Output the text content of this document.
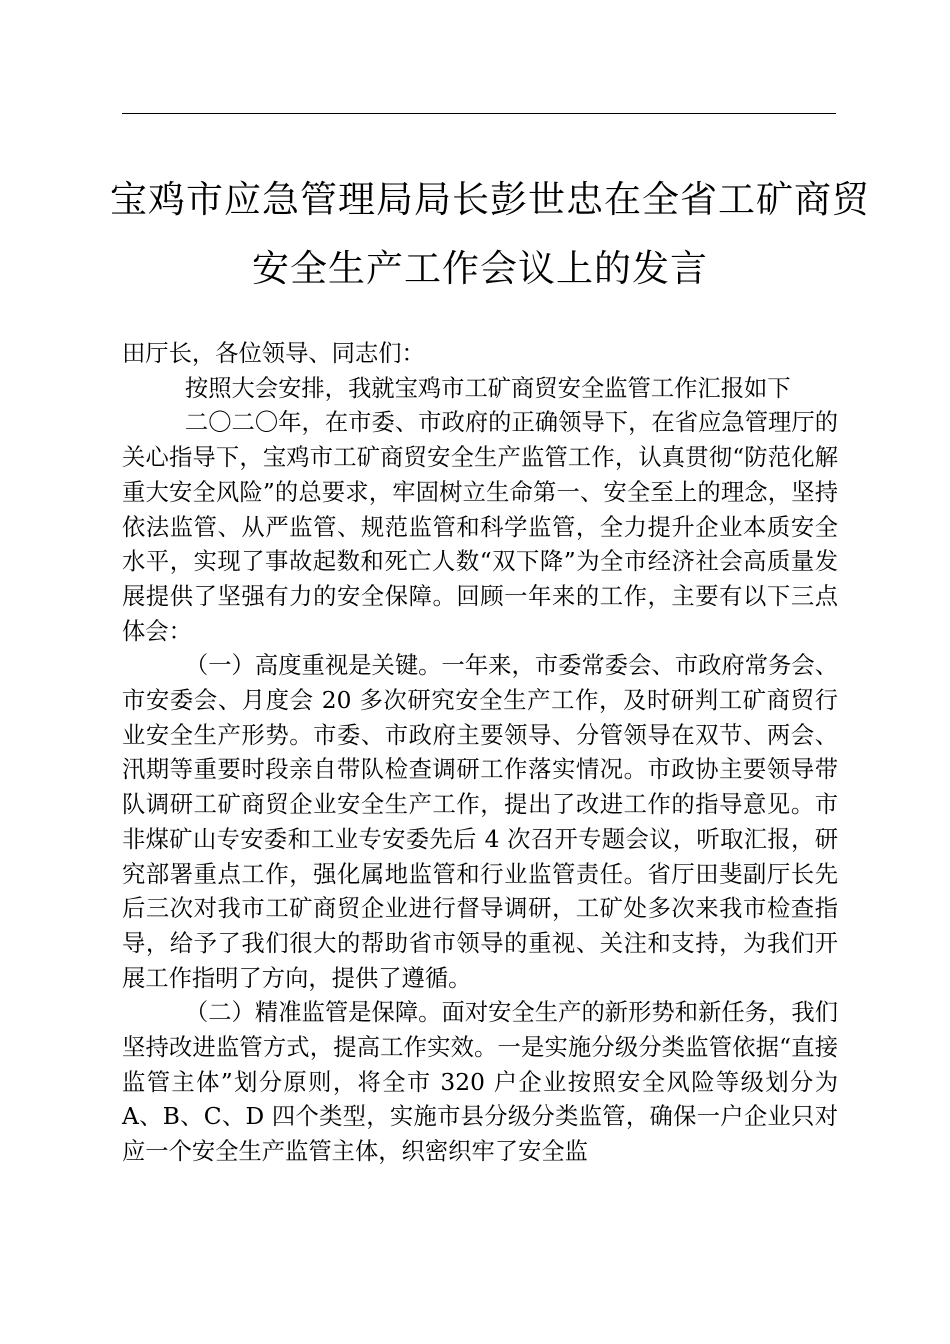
宝鸡市应急管理局局长彭世忠在全省工矿商贸
安全生产工作会议上的发言

田厅长，各位领导、同志们：

按照大会安排，我就宝鸡市工矿商贸安全监管工作汇报如下

二〇二〇年，在市委、市政府的正确领导下，在省应急管理厅的关心指导下，宝鸡市工矿商贸安全生产监管工作，认真贯彻“防范化解重大安全风险”的总要求，牢固树立生命第一、安全至上的理念，坚持依法监管、从严监管、规范监管和科学监管，全力提升企业本质安全水平，实现了事故起数和死亡人数“双下降”为全市经济社会高质量发展提供了坚强有力的安全保障。回顾一年来的工作，主要有以下三点体会：

（一）高度重视是关键。一年来，市委常委会、市政府常务会、市安委会、月度会 20 多次研究安全生产工作，及时研判工矿商贸行业安全生产形势。市委、市政府主要领导、分管领导在双节、两会、汛期等重要时段亲自带队检查调研工作落实情况。市政协主要领导带队调研工矿商贸企业安全生产工作，提出了改进工作的指导意见。市非煤矿山专安委和工业专安委先后 4 次召开专题会议，听取汇报，研究部署重点工作，强化属地监管和行业监管责任。省厅田斐副厅长先后三次对我市工矿商贸企业进行督导调研，工矿处多次来我市检查指导，给予了我们很大的帮助省市领导的重视、关注和支持，为我们开展工作指明了方向，提供了遵循。

（二）精准监管是保障。面对安全生产的新形势和新任务，我们坚持改进监管方式，提高工作实效。一是实施分级分类监管依据“直接监管主体”划分原则，将全市 320 户企业按照安全风险等级划分为 A、B、C、D 四个类型，实施市县分级分类监管，确保一户企业只对应一个安全生产监管主体，织密织牢了安全监
